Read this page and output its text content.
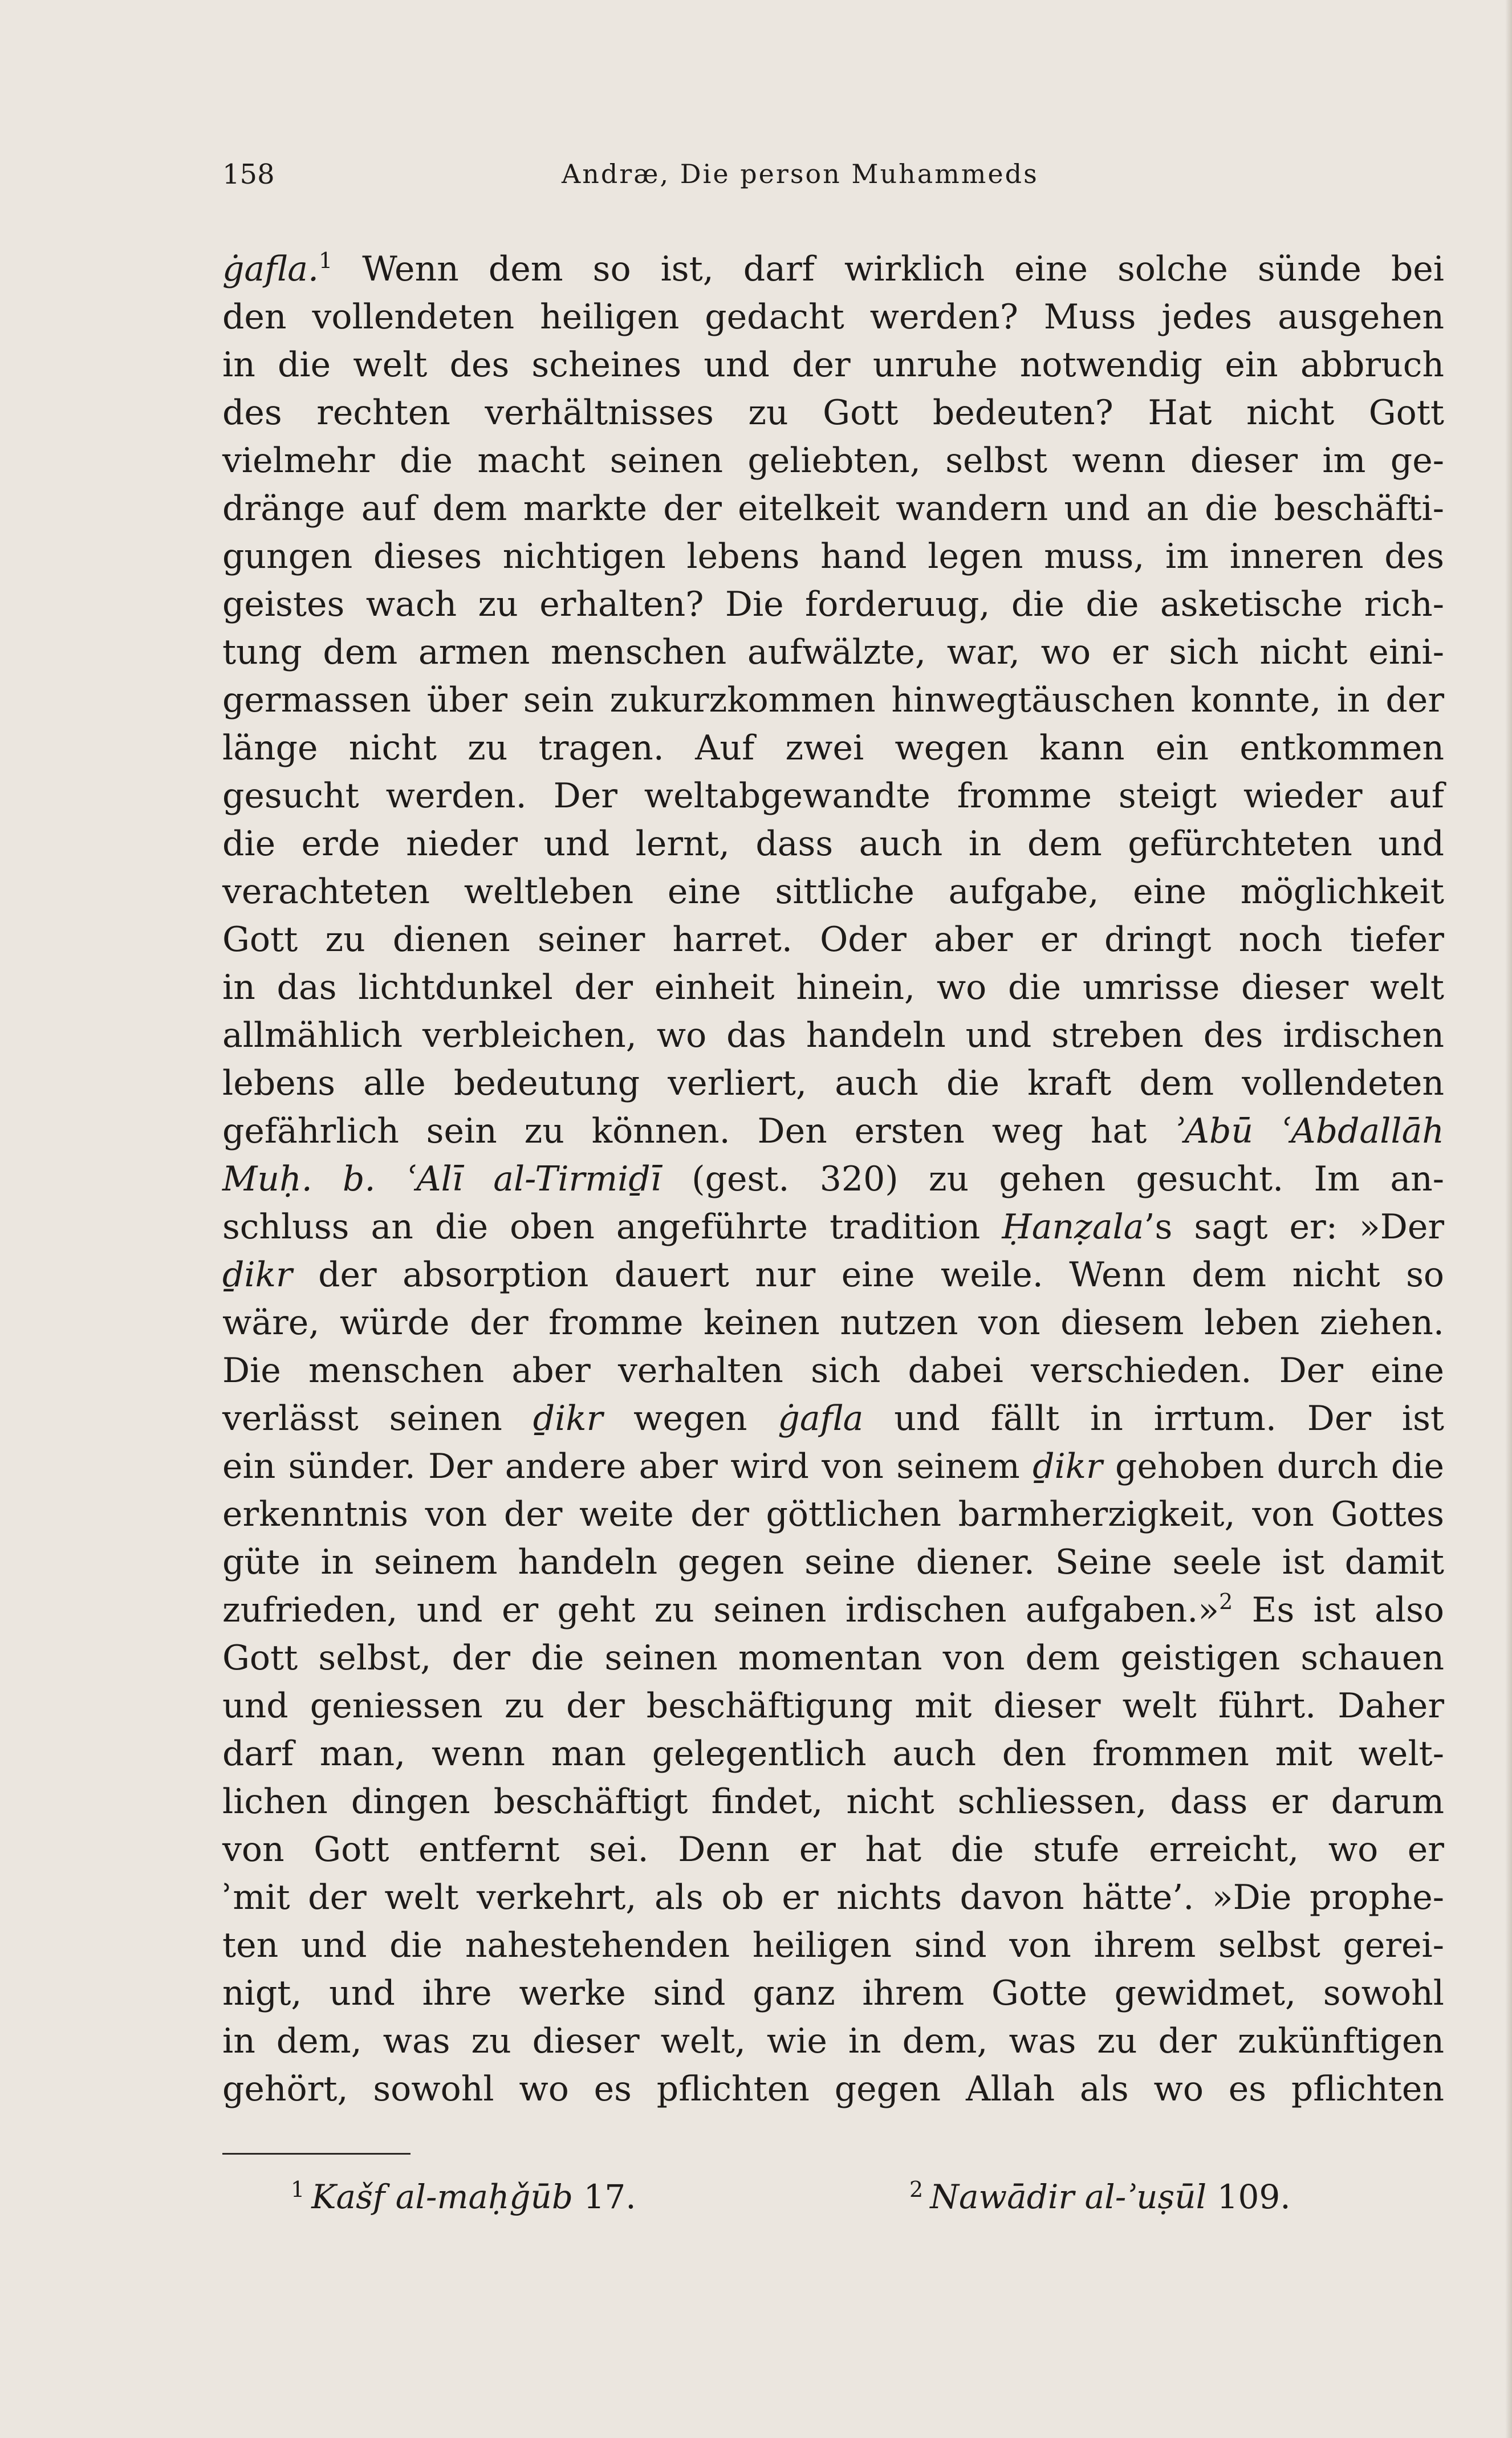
158	Andræ, Die person Muhammeds
ġafla.$^1$ Wenn dem so ist, darf wirklich eine solche sünde bei
den vollendeten heiligen gedacht werden? Muss jedes ausgehen
in die welt des scheines und der unruhe notwendig ein abbruch
des rechten verhältnisses zu Gott bedeuten? Hat nicht Gott
vielmehr die macht seinen geliebten, selbst wenn dieser im ge-
dränge auf dem markte der eitelkeit wandern und an die beschäfti-
gungen dieses nichtigen lebens hand legen muss, im inneren des
geistes wach zu erhalten? Die forderuug, die die asketische rich-
tung dem armen menschen aufwälzte, war, wo er sich nicht eini-
germassen über sein zukurzkommen hinwegtäuschen konnte, in der
länge nicht zu tragen. Auf zwei wegen kann ein entkommen
gesucht werden. Der weltabgewandte fromme steigt wieder auf
die erde nieder und lernt, dass auch in dem gefürchteten und
verachteten weltleben eine sittliche aufgabe, eine möglichkeit
Gott zu dienen seiner harret. Oder aber er dringt noch tiefer
in das lichtdunkel der einheit hinein, wo die umrisse dieser welt
allmählich verbleichen, wo das handeln und streben des irdischen
lebens alle bedeutung verliert, auch die kraft dem vollendeten
gefährlich sein zu können. Den ersten weg hat ʾAbū ʿAbdallāh
Muḥ. b. ʿAlī al-Tirmiḏī (gest. 320) zu gehen gesucht. Im an-
schluss an die oben angeführte tradition Ḥanẓala’s sagt er: »Der
ḏikr der absorption dauert nur eine weile. Wenn dem nicht so
wäre, würde der fromme keinen nutzen von diesem leben ziehen.
Die menschen aber verhalten sich dabei verschieden. Der eine
verlässt seinen ḏikr wegen ġafla und fällt in irrtum. Der ist
ein sünder. Der andere aber wird von seinem ḏikr gehoben durch die
erkenntnis von der weite der göttlichen barmherzigkeit, von Gottes
güte in seinem handeln gegen seine diener. Seine seele ist damit
zufrieden, und er geht zu seinen irdischen aufgaben.»$^2$ Es ist also
Gott selbst, der die seinen momentan von dem geistigen schauen
und geniessen zu der beschäftigung mit dieser welt führt. Daher
darf man, wenn man gelegentlich auch den frommen mit welt-
lichen dingen beschäftigt findet, nicht schliessen, dass er darum
von Gott entfernt sei. Denn er hat die stufe erreicht, wo er
ʾmit der welt verkehrt, als ob er nichts davon hätte’. »Die prophe-
ten und die nahestehenden heiligen sind von ihrem selbst gerei-
nigt, und ihre werke sind ganz ihrem Gotte gewidmet, sowohl
in dem, was zu dieser welt, wie in dem, was zu der zukünftigen
gehört, sowohl wo es pflichten gegen Allah als wo es pflichten
$^1$ Kašf al-maḥǧūb 17.	$^2$ Nawādir al-ʾuṣūl 109.
